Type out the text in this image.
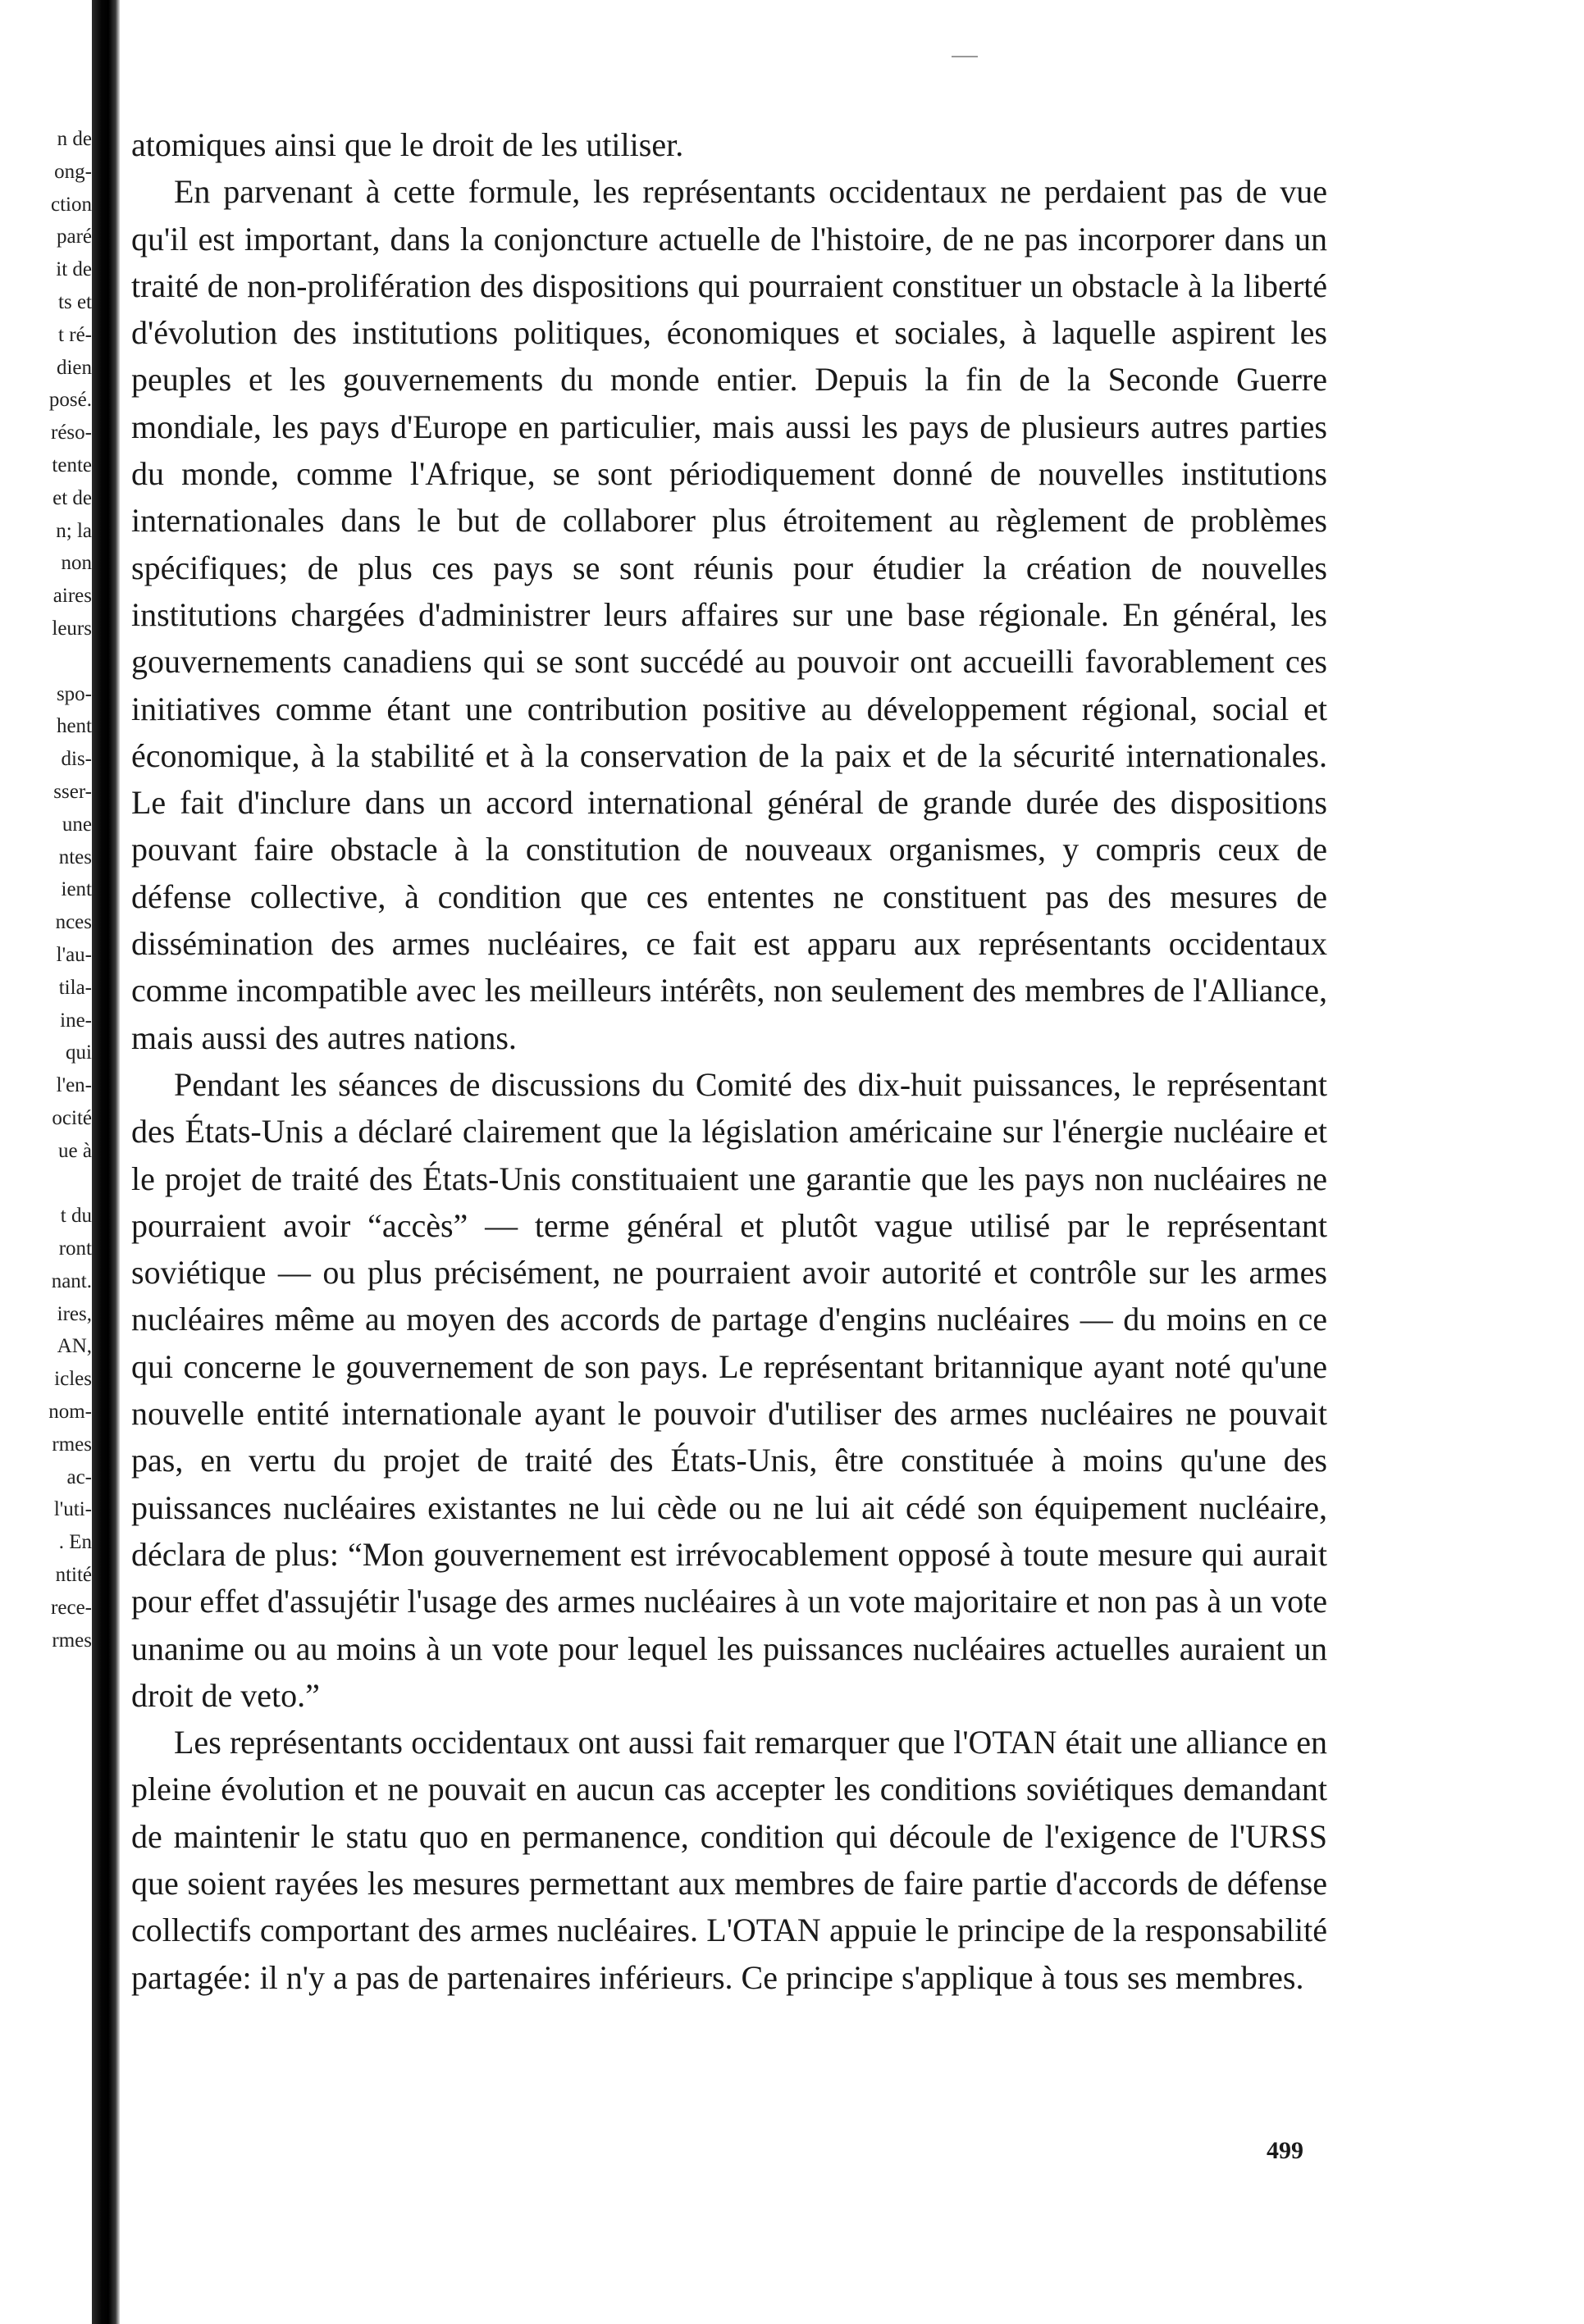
n de
ong-
ction
paré
it de
ts et
t ré-
dien
posé.
réso-
tente
et de
n; la
non
aires
leurs
spo-
hent
dis-
sser-
une
ntes
ient
nces
l'au-
tila-
ine-
qui
l'en-
ocité
ue à
t du
ront
nant.
ires,
AN,
icles
nom-
rmes
ac-
l'uti-
. En
ntité
rece-
rmes

atomiques ainsi que le droit de les utiliser.

En parvenant à cette formule, les représentants occidentaux ne perdaient pas de vue qu'il est important, dans la conjoncture actuelle de l'histoire, de ne pas incorporer dans un traité de non-prolifération des dispositions qui pourraient constituer un obstacle à la liberté d'évolution des institutions politiques, économiques et sociales, à laquelle aspirent les peuples et les gouvernements du monde entier. Depuis la fin de la Seconde Guerre mondiale, les pays d'Europe en particulier, mais aussi les pays de plusieurs autres parties du monde, comme l'Afrique, se sont périodiquement donné de nouvelles institutions internationales dans le but de collaborer plus étroitement au règlement de problèmes spécifiques; de plus ces pays se sont réunis pour étudier la création de nouvelles institutions chargées d'administrer leurs affaires sur une base régionale. En général, les gouvernements canadiens qui se sont succédé au pouvoir ont accueilli favorablement ces initiatives comme étant une contribution positive au développement régional, social et économique, à la stabilité et à la conservation de la paix et de la sécurité internationales. Le fait d'inclure dans un accord international général de grande durée des dispositions pouvant faire obstacle à la constitution de nouveaux organismes, y compris ceux de défense collective, à condition que ces ententes ne constituent pas des mesures de dissémination des armes nucléaires, ce fait est apparu aux représentants occidentaux comme incompatible avec les meilleurs intérêts, non seulement des membres de l'Alliance, mais aussi des autres nations.

Pendant les séances de discussions du Comité des dix-huit puissances, le représentant des États-Unis a déclaré clairement que la législation américaine sur l'énergie nucléaire et le projet de traité des États-Unis constituaient une garantie que les pays non nucléaires ne pourraient avoir “accès” — terme général et plutôt vague utilisé par le représentant soviétique — ou plus précisément, ne pourraient avoir autorité et contrôle sur les armes nucléaires même au moyen des accords de partage d'engins nucléaires — du moins en ce qui concerne le gouvernement de son pays. Le représentant britannique ayant noté qu'une nouvelle entité internationale ayant le pouvoir d'utiliser des armes nucléaires ne pouvait pas, en vertu du projet de traité des États-Unis, être constituée à moins qu'une des puissances nucléaires existantes ne lui cède ou ne lui ait cédé son équipement nucléaire, déclara de plus: “Mon gouvernement est irrévocablement opposé à toute mesure qui aurait pour effet d'assujétir l'usage des armes nucléaires à un vote majoritaire et non pas à un vote unanime ou au moins à un vote pour lequel les puissances nucléaires actuelles auraient un droit de veto.”

Les représentants occidentaux ont aussi fait remarquer que l'OTAN était une alliance en pleine évolution et ne pouvait en aucun cas accepter les conditions soviétiques demandant de maintenir le statu quo en permanence, condition qui découle de l'exigence de l'URSS que soient rayées les mesures permettant aux membres de faire partie d'accords de défense collectifs comportant des armes nucléaires. L'OTAN appuie le principe de la responsabilité partagée: il n'y a pas de partenaires inférieurs. Ce principe s'applique à tous ses membres.

499
